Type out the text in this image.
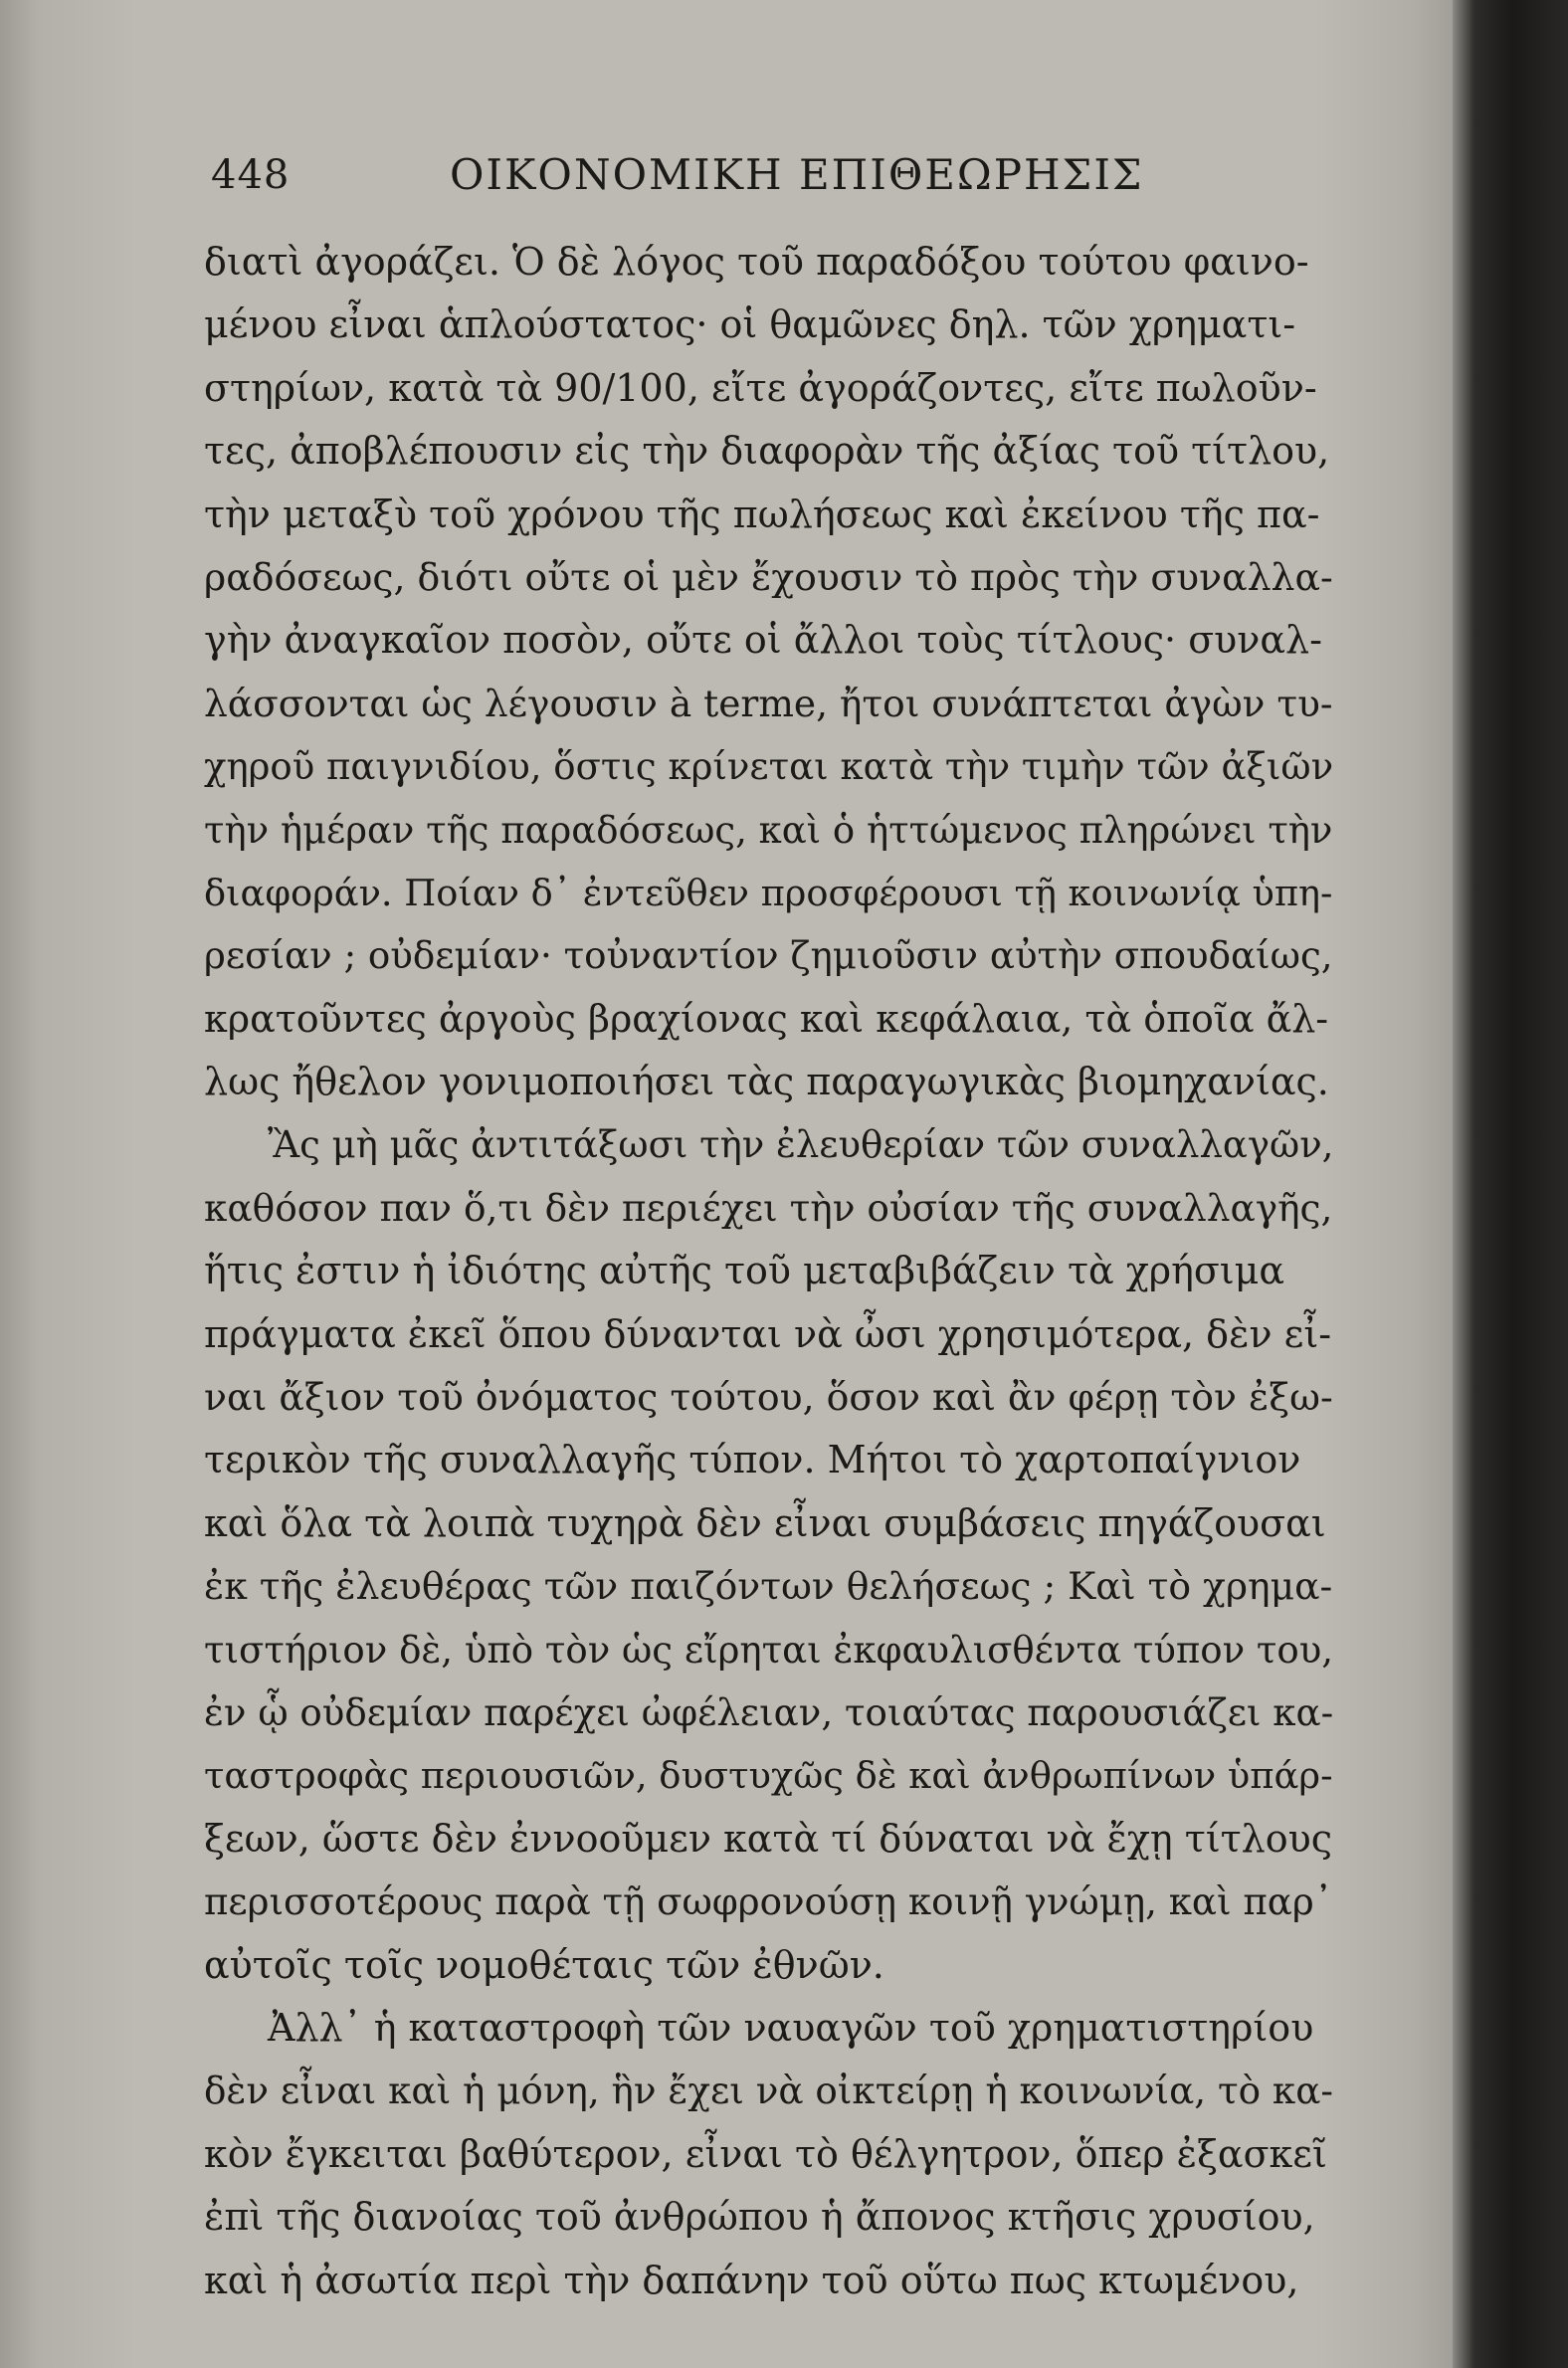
448	ΟΙΚΟΝΟΜΙΚΗ ΕΠΙΘΕΩΡΗΣΙΣ
διατὶ ἀγοράζει. Ὁ δὲ λόγος τοῦ παραδόξου τούτου φαινο-
μένου εἶναι ἁπλούστατος· οἱ θαμῶνες δηλ. τῶν χρηματι-
στηρίων, κατὰ τὰ 90/100, εἴτε ἀγοράζοντες, εἴτε πωλοῦν-
τες, ἀποβλέπουσιν εἰς τὴν διαφορὰν τῆς ἀξίας τοῦ τίτλου,
τὴν μεταξὺ τοῦ χρόνου τῆς πωλήσεως καὶ ἐκείνου τῆς πα-
ραδόσεως, διότι οὔτε οἱ μὲν ἔχουσιν τὸ πρὸς τὴν συναλλα-
γὴν ἀναγκαῖον ποσὸν, οὔτε οἱ ἄλλοι τοὺς τίτλους· συναλ-
λάσσονται ὡς λέγουσιν à terme, ἤτοι συνάπτεται ἀγὼν τυ-
χηροῦ παιγνιδίου, ὅστις κρίνεται κατὰ τὴν τιμὴν τῶν ἀξιῶν
τὴν ἡμέραν τῆς παραδόσεως, καὶ ὁ ἡττώμενος πληρώνει τὴν
διαφοράν. Ποίαν δ᾽ ἐντεῦθεν προσφέρουσι τῇ κοινωνίᾳ ὑπη-
ρεσίαν ; οὐδεμίαν· τοὐναντίον ζημιοῦσιν αὐτὴν σπουδαίως,
κρατοῦντες ἀργοὺς βραχίονας καὶ κεφάλαια, τὰ ὁποῖα ἄλ-
λως ἤθελον γονιμοποιήσει τὰς παραγωγικὰς βιομηχανίας.
Ἂς μὴ μᾶς ἀντιτάξωσι τὴν ἐλευθερίαν τῶν συναλλαγῶν,
καθόσον παν ὅ,τι δὲν περιέχει τὴν οὐσίαν τῆς συναλλαγῆς,
ἥτις ἐστιν ἡ ἰδιότης αὐτῆς τοῦ μεταβιβάζειν τὰ χρήσιμα
πράγματα ἐκεῖ ὅπου δύνανται νὰ ὦσι χρησιμότερα, δὲν εἶ-
ναι ἄξιον τοῦ ὀνόματος τούτου, ὅσον καὶ ἂν φέρῃ τὸν ἐξω-
τερικὸν τῆς συναλλαγῆς τύπον. Μήτοι τὸ χαρτοπαίγνιον
καὶ ὅλα τὰ λοιπὰ τυχηρὰ δὲν εἶναι συμβάσεις πηγάζουσαι
ἐκ τῆς ἐλευθέρας τῶν παιζόντων θελήσεως ; Καὶ τὸ χρημα-
τιστήριον δὲ, ὑπὸ τὸν ὡς εἴρηται ἐκφαυλισθέντα τύπον του,
ἐν ᾧ οὐδεμίαν παρέχει ὠφέλειαν, τοιαύτας παρουσιάζει κα-
ταστροφὰς περιουσιῶν, δυστυχῶς δὲ καὶ ἀνθρωπίνων ὑπάρ-
ξεων, ὥστε δὲν ἐννοοῦμεν κατὰ τί δύναται νὰ ἔχῃ τίτλους
περισσοτέρους παρὰ τῇ σωφρονούσῃ κοινῇ γνώμῃ, καὶ παρ᾽
αὐτοῖς τοῖς νομοθέταις τῶν ἐθνῶν.
Ἀλλ᾽ ἡ καταστροφὴ τῶν ναυαγῶν τοῦ χρηματιστηρίου
δὲν εἶναι καὶ ἡ μόνη, ἣν ἔχει νὰ οἰκτείρῃ ἡ κοινωνία, τὸ κα-
κὸν ἔγκειται βαθύτερον, εἶναι τὸ θέλγητρον, ὅπερ ἐξασκεῖ
ἐπὶ τῆς διανοίας τοῦ ἀνθρώπου ἡ ἄπονος κτῆσις χρυσίου,
καὶ ἡ ἀσωτία περὶ τὴν δαπάνην τοῦ οὕτω πως κτωμένου,
